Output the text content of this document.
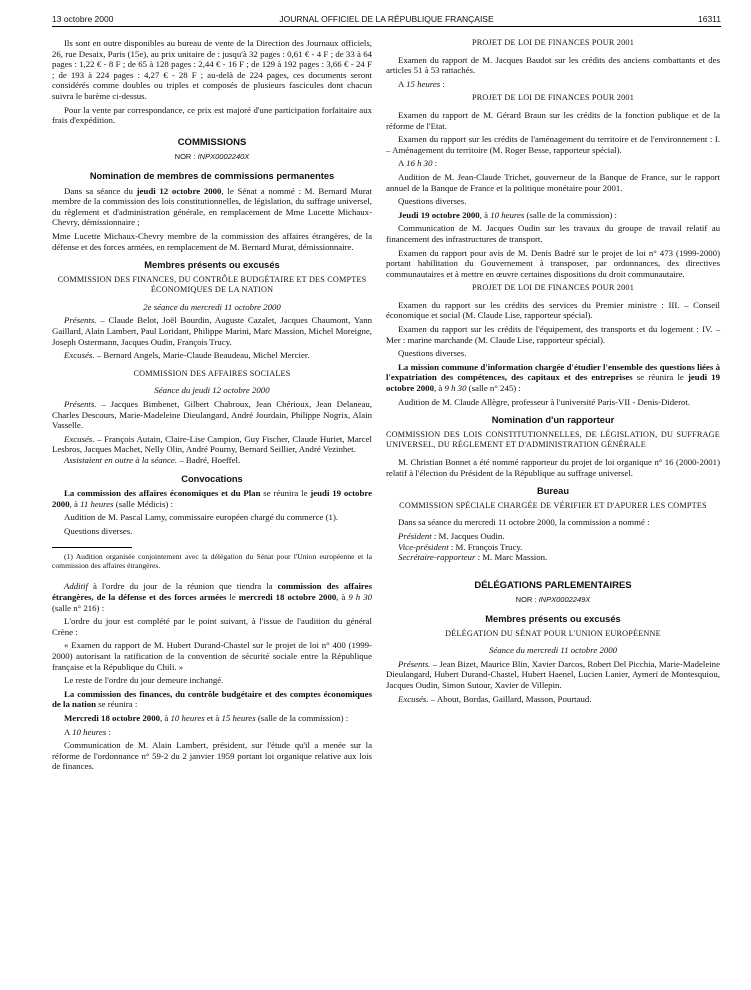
13 octobre 2000	JOURNAL OFFICIEL DE LA RÉPUBLIQUE FRANÇAISE	16311

Ils sont en outre disponibles au bureau de vente de la Direction des Journaux officiels, 26, rue Desaix, Paris (15e), au prix unitaire de : jusqu'à 32 pages : 0,61 € - 4 F ; de 33 à 64 pages : 1,22 € - 8 F ; de 65 à 128 pages : 2,44 € - 16 F ; de 129 à 192 pages : 3,66 € - 24 F ; de 193 à 224 pages : 4,27 € - 28 F ; au-delà de 224 pages, ces documents seront considérés comme doubles ou triples et composés de plusieurs fascicules dont chacun suivra le barème ci-dessus.

Pour la vente par correspondance, ce prix est majoré d'une participation forfaitaire aux frais d'expédition.

COMMISSIONS
NOR : INPX0002240X
Nomination de membres de commissions permanentes

Dans sa séance du jeudi 12 octobre 2000, le Sénat a nommé : M. Bernard Murat membre de la commission des lois constitutionnelles, de législation, du suffrage universel, du règlement et d'administration générale, en remplacement de Mme Lucette Michaux-Chevry, démissionnaire ;

Mme Lucette Michaux-Chevry membre de la commission des affaires étrangères, de la défense et des forces armées, en remplacement de M. Bernard Murat, démissionnaire.

Membres présents ou excusés
COMMISSION DES FINANCES, DU CONTRÔLE BUDGÉTAIRE ET DES COMPTES ÉCONOMIQUES DE LA NATION

2e séance du mercredi 11 octobre 2000

Présents. – Claude Belot, Joël Bourdin, Auguste Cazalet, Jacques Chaumont, Yann Gaillard, Alain Lambert, Paul Loridant, Philippe Marini, Marc Massion, Michel Moreigne, Joseph Ostermann, Jacques Oudin, François Trucy.

Excusés. – Bernard Angels, Marie-Claude Beaudeau, Michel Mercier.

COMMISSION DES AFFAIRES SOCIALES

Séance du jeudi 12 octobre 2000

Présents. – Jacques Bimbenet, Gilbert Chabroux, Jean Chérioux, Jean Delaneau, Charles Descours, Marie-Madeleine Dieulangard, André Jourdain, Philippe Nogrix, Alain Vasselle.

Excusés. – François Autain, Claire-Lise Campion, Guy Fischer, Claude Huriet, Marcel Lesbros, Jacques Machet, Nelly Olin, André Pourny, Bernard Seillier, André Vezinhet.

Assistaient en outre à la séance. – Badré, Hoeffel.

Convocations

La commission des affaires économiques et du Plan se réunira le jeudi 19 octobre 2000, à 11 heures (salle Médicis) :

Audition de M. Pascal Lamy, commissaire européen chargé du commerce (1).

Questions diverses.

(1) Audition organisée conjointement avec la délégation du Sénat pour l'Union européenne et la commission des affaires étrangères.

Additif à l'ordre du jour de la réunion que tiendra la commission des affaires étrangères, de la défense et des forces armées le mercredi 18 octobre 2000, à 9 h 30 (salle n° 216) :

L'ordre du jour est complété par le point suivant, à l'issue de l'audition du général Crène :

« Examen du rapport de M. Hubert Durand-Chastel sur le projet de loi n° 400 (1999-2000) autorisant la ratification de la convention de sécurité sociale entre la République française et la République du Chili. »

Le reste de l'ordre du jour demeure inchangé.

La commission des finances, du contrôle budgétaire et des comptes économiques de la nation se réunira :

Mercredi 18 octobre 2000, à 10 heures et à 15 heures (salle de la commission) :

A 10 heures :

Communication de M. Alain Lambert, président, sur l'étude qu'il a menée sur la réforme de l'ordonnance n° 59-2 du 2 janvier 1959 portant loi organique relative aux lois de finances.

PROJET DE LOI DE FINANCES POUR 2001

Examen du rapport de M. Jacques Baudot sur les crédits des anciens combattants et des articles 51 à 53 rattachés.

A 15 heures :

PROJET DE LOI DE FINANCES POUR 2001

Examen du rapport de M. Gérard Braun sur les crédits de la fonction publique et de la réforme de l'Etat.

Examen du rapport sur les crédits de l'aménagement du territoire et de l'environnement : I. – Aménagement du territoire (M. Roger Besse, rapporteur spécial).

A 16 h 30 :

Audition de M. Jean-Claude Trichet, gouverneur de la Banque de France, sur le rapport annuel de la Banque de France et la politique monétaire pour 2001.

Questions diverses.

Jeudi 19 octobre 2000, à 10 heures (salle de la commission) :

Communication de M. Jacques Oudin sur les travaux du groupe de travail relatif au financement des infrastructures de transport.

Examen du rapport pour avis de M. Denis Badré sur le projet de loi n° 473 (1999-2000) portant habilitation du Gouvernement à transposer, par ordonnances, des directives communautaires et à mettre en œuvre certaines dispositions du droit communautaire.

PROJET DE LOI DE FINANCES POUR 2001

Examen du rapport sur les crédits des services du Premier ministre : III. – Conseil économique et social (M. Claude Lise, rapporteur spécial).

Examen du rapport sur les crédits de l'équipement, des transports et du logement : IV. – Mer : marine marchande (M. Claude Lise, rapporteur spécial).

Questions diverses.

La mission commune d'information chargée d'étudier l'ensemble des questions liées à l'expatriation des compétences, des capitaux et des entreprises se réunira le jeudi 19 octobre 2000, à 9 h 30 (salle n° 245) :

Audition de M. Claude Allègre, professeur à l'université Paris-VII - Denis-Diderot.

Nomination d'un rapporteur
COMMISSION DES LOIS CONSTITUTIONNELLES, DE LÉGISLATION, DU SUFFRAGE UNIVERSEL, DU RÈGLEMENT ET D'ADMINISTRATION GÉNÉRALE

M. Christian Bonnet a été nommé rapporteur du projet de loi organique n° 16 (2000-2001) relatif à l'élection du Président de la République au suffrage universel.

Bureau
COMMISSION SPÉCIALE CHARGÉE DE VÉRIFIER ET D'APURER LES COMPTES

Dans sa séance du mercredi 11 octobre 2000, la commission a nommé :

Président : M. Jacques Oudin.

Vice-président : M. François Trucy.

Secrétaire-rapporteur : M. Marc Massion.

DÉLÉGATIONS PARLEMENTAIRES
NOR : INPX0002249X
Membres présents ou excusés
DÉLÉGATION DU SÉNAT POUR L'UNION EUROPÉENNE

Séance du mercredi 11 octobre 2000

Présents. – Jean Bizet, Maurice Blin, Xavier Darcos, Robert Del Picchia, Marie-Madeleine Dieulangard, Hubert Durand-Chastel, Hubert Haenel, Lucien Lanier, Aymeri de Montesquiou, Jacques Oudin, Simon Sutour, Xavier de Villepin.

Excusés. – About, Bordas, Gaillard, Masson, Pourtaud.
